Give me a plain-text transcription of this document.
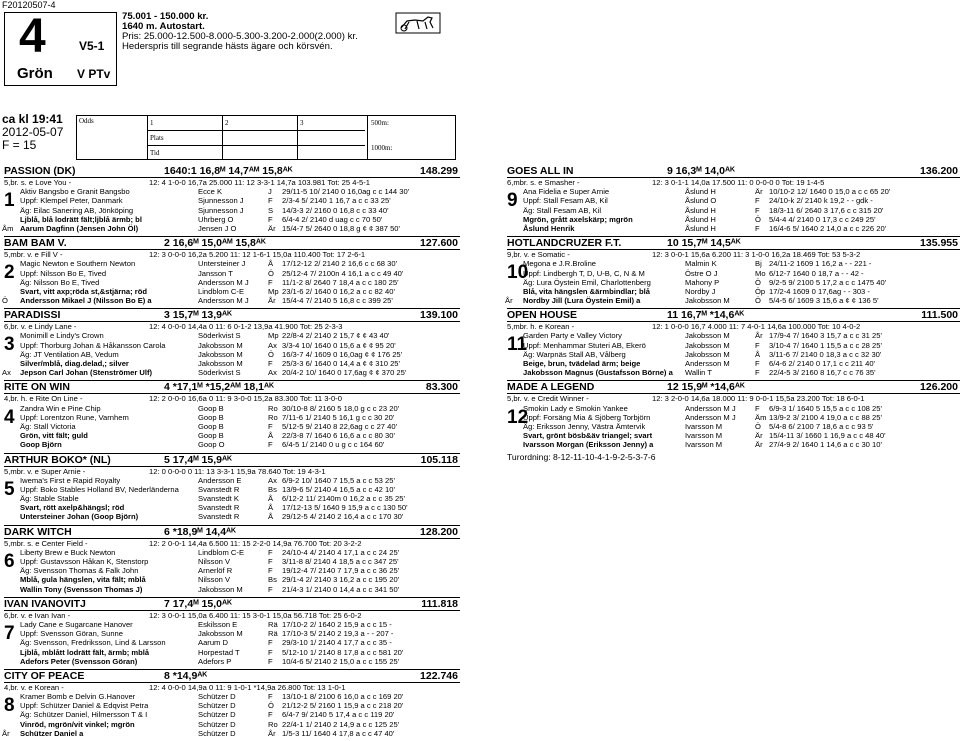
F20120507-4
4
Grön
V5-1
V PTv
75.001 - 150.000 kr.
1640 m. Autostart.
Pris: 25.000-12.500-8.000-5.300-3.200-2.000(2.000) kr.
Hederspris till segrande hästs ägare och körsvén.
ca kl 19:41
2012-05-07
F = 15
Odds
Plats
Tid
1	2	3	500m:
1000m:
PASSION (DK)	1640:1 16,8ᴹ 14,7ᴬᴹ 15,8ᴬᴷ	148.299
5,br. s. e Love You -	12: 4 1-0-0 16,7a 25.000 11: 12 3-3-1 14,7a 103.981 Tot: 25 4-5-1
1
Åm
Aktiv Bangsbo e Granit Bangsbo	Ecce K	J	29/11-5 10/ 2140 0 16,0ag c c 144 30'
Uppf: Klempel Peter, Danmark	Sjunnesson J	F	2/3-4 5/ 2140 1 16,7 a c c 33 25'
Äg: Eilac Sanering AB, Jönköping	Sjunnesson J	S	14/3-3 2/ 2160 0 16,8 c c 33 40'
Ljblå, blå lodrätt fält;ljblå ärmb; bl	Uhrberg O	F	6/4-4 2/ 2140 d uag c c 70 50'
Aarum Dagfinn (Jensen John Öl)	Jensen J O	Är 15/4-7 5/ 2640 0 18,8 g ¢ ¢ 387 50'
BAM BAM V.	2 16,6ᴹ 15,0ᴬᴹ 15,8ᴬᴷ	127.600
5,mbr. v. e Fill V -	12: 3 0-0-0 16,2a 5.200 11: 12 1-6-1 15,0a 110.400 Tot: 17 2-6-1
2
Ö
Magic Newton e Southern Newton	Untersteiner J	Å	17/12-12 2/ 2140 2 16,6 c c 68 30'
Uppf: Nilsson Bo E, Tived	Jansson T	Ö	25/12-4 7/ 2100n 4 16,1 a c c 49 40'
Äg: Nilsson Bo E, Tived	Andersson M J	F	11/1-2 8/ 2640 7 18,4 a c c 180 25'
Svart, vitt axp;röda st,&stjärna; röd	Lindblom C-E	Mp 23/1-6 2/ 1640 0 16,2 a c c 82 40'
Andersson Mikael J (Nilsson Bo E) a	Andersson M J	År 15/4-4 7/ 2140 5 16,8 c c 399 25'
PARADISSI	3 15,7ᴹ 13,9ᴬᴷ	139.100
6,br. v. e Lindy Lane -	12: 4 0-0-0 14,4a 0 11: 6 0-1-2 13,9a 41.900 Tot: 25 2-3-3
3
Ax
Monimill e Lindy's Crown	Söderkvist S	Mp 22/8-4 2/ 2140 2 15,7 ¢ ¢ 43 40'
Uppf: Thorburg Johan & Håkansson Carola	Jakobsson M	Ax 3/3-4 10/ 1640 0 15,6 a ¢ ¢ 95 20'
Äg: JT Ventilation AB, Vedum	Jakobsson M	Ö	16/3-7 4/ 1609 0 16,0ag ¢ ¢ 176 25'
Silver/mblå, diag.delad,; silver	Jakobsson M	F	25/3-3 6/ 1640 0 14,4 a ¢ ¢ 310 25'
Jepson Carl Johan (Stenströmer Ulf)	Söderkvist S	Ax 20/4-2 10/ 1640 0 17,6ag ¢ ¢ 370 25'
RITE ON WIN	4 *17,1ᴹ *15,2ᴬᴹ 18,1ᴬᴷ	83.300
4,br. h. e Rite On Line -	12: 2 0-0-0 16,6a 0 11: 9 3-0-0 15,2a 83.300 Tot: 11 3-0-0
4 Zandra Win e Pine Chip	Goop B	Ro 30/10-8 8/ 2160 5 18,0 g c c 23 20'
Uppf: Lorentzon Rune, Varnhem	Goop B	Ro 7/11-6 1/ 2140 5 16,1 g c c 30 20'
Äg: Stall Victoria	Goop B	F	5/12-5 9/ 2140 8 22,6ag c c 27 40'
Grön, vitt fält; guld	Goop B	Å	22/3-8 7/ 1640 6 16,6 a c c 80 30'
Goop Björn	Goop O	F	6/4-5 1/ 2140 0 u g c c 164 60'
ARTHUR BOKO* (NL)	5 17,4ᴹ 15,9ᴬᴷ	105.118
5,mbr. v. e Super Arnie -	12: 0 0-0-0 0 11: 13 3-3-1 15,9a 78.640 Tot: 19 4-3-1
5 Iwema's First e Rapid Royalty	Andersson E	Ax 6/9-2 10/ 1640 7 15,5 a c c 53 25'
Uppf: Boko Stables Holland BV, Nederländerna	Svanstedt R	Bs 13/9-6 5/ 2140 4 16,5 a c c 42 10'
Äg: Stable Stable	Svanstedt K	Å	6/12-2 11/ 2140m 0 16,2 a c c 35 25'
Svart, rött axelp&hängsl; röd	Svanstedt R	Å	17/12-13 5/ 1640 9 15,9 a c c 130 50'
Untersteiner Johan (Goop Björn)	Svanstedt R	Å	29/12-5 4/ 2140 2 16,4 a c c 170 30'
DARK WITCH	6 *18,9ᴹ 14,4ᴬᴷ	128.200
5,mbr. s. e Center Field -	12: 2 0-0-1 14,4a 6.500 11: 15 2-2-0 14,9a 76.700 Tot: 20 3-2-2
6 Liberty Brew e Buck Newton	Lindblom C-E	F	24/10-4 4/ 2140 4 17,1 a c c 24 25'
Uppf: Gustavsson Håkan K, Stenstorp	Nilsson V	F	3/11-8 8/ 2140 4 18,5 a c c 347 25'
Äg: Svensson Thomas & Falk John	Arnerlöf R	F	19/12-4 7/ 2140 7 17,9 a c c 36 25'
Mblå, gula hängslen, vita fält; mblå	Nilsson V	Bs 29/1-4 2/ 2140 3 16,2 a c c 195 20'
Wallin Tony (Svensson Thomas J)	Jakobsson M	F	21/4-3 1/ 2140 0 14,4 a c c 341 50'
IVAN IVANOVITJ	7 17,4ᴹ 15,0ᴬᴷ	111.818
6,br. v. e Ivan Ivan -	12: 3 0-0-1 15,0a 6.400 11: 15 3-0-1 15,0a 56.718 Tot: 25 6-0-2
7 Lady Cane e Sugarcane Hanover	Eskilsson E	Rä 17/10-2 2/ 1640 2 15,9 a c c 15 -
Uppf: Svensson Göran, Sunne	Jakobsson M	Rä 17/10-3 5/ 2140 2 19,3 a - - 207 -
Äg: Svensson, Fredriksson, Lind & Larsson	Aarum D	F	29/3-10 1/ 2140 4 17,7 a c c 35 -
Ljblå, mblått lodrätt fält, ärmb; mblå	Horpestad T	F	5/12-10 1/ 2140 8 17,8 a c c 581 20'
Adefors Peter (Svensson Göran)	Adefors P	F	10/4-6 5/ 2140 2 15,0 a c c 155 25'
CITY OF PEACE	8 *14,9ᴬᴷ	122.746
4,br. v. e Korean -	12: 4 0-0-0 14,9a 0 11: 9 1-0-1 *14,9a 26.800 Tot: 13 1-0-1
8
År
Kramer Bomb e Delvin G.Hanover	Schützer D	F	13/10-1 8/ 2100 6 16,0 a c c 169 20'
Uppf: Schützer Daniel & Edqvist Petra	Schützer D	Ö	21/12-2 5/ 2160 1 15,9 a c c 218 20'
Äg: Schützer Daniel, Hilmersson T & I	Schützer D	F	6/4-7 9/ 2140 5 17,4 a c c 119 20'
Vinröd, mgrön/vit vinkel; mgrön	Schützer D	Ro 22/4-1 1/ 2140 2 14,9 a c c 125 25'
Schützer Daniel a	Schützer D	År 1/5-3 11/ 1640 4 17,8 a c c 47 40'
GOES ALL IN	9 16,3ᴹ 14,0ᴬᴷ	136.200
6,mbr. s. e Smasher -	12: 3 0-1-1 14,0a 17.500 11: 0 0-0-0 0 Tot: 19 1-4-5
9 Ana Fidelia e Super Arnie	Åslund H	Är 10/10-2 12/ 1640 0 15,0 a c c 65 20'
Uppf: Stall Fesam AB, Kil	Åslund O	F	24/10-k 2/ 2140 k 19,2 - - gdk -
Äg: Stall Fesam AB, Kil	Åslund H	F	18/3-11 6/ 2640 3 17,6 c c 315 20'
Mgrön, grått axelskärp; mgrön	Åslund H	Ö	5/4-4 4/ 2140 0 17,3 c c 249 25'
Åslund Henrik	Åslund H	F	16/4-6 5/ 1640 2 14,0 a c c 226 20'
HOTLANDCRUZER F.T.	10 15,7ᴹ 14,5ᴬᴷ	135.955
9,br. v. e Somatic -	12: 3 0-0-1 15,6a 6.200 11: 3 1-0-0 16,2a 18.469 Tot: 53 5-3-2
10
År
Megona e J.R.Broline	Malmin K	Bj 24/11-2 1609 1 16,2 a - - 221 -
Uppf: Lindbergh T, D, U-B, C, N & M	Östre O J	Mo 6/12-7 1640 0 18,7 a - - 42 -
Äg: Lura Öystein Emil, Charlottenberg	Mahony P	Ö	9/2-5 9/ 2100 5 17,2 a c c 1475 40'
Blå, vita hängslen &ärmbindlar; blå	Nordby J	Öp 17/2-4 1609 0 17,6ag - - 303 -
Nordby Jill (Lura Öystein Emil) a	Jakobsson M	Ö	5/4-5 6/ 1609 3 15,6 a ¢ ¢ 136 5'
OPEN HOUSE	11 16,7ᴹ *14,6ᴬᴷ	111.500
5,mbr. h. e Korean -	12: 1 0-0-0 16,7 4.000 11: 7 4-0-1 14,6a 100.000 Tot: 10 4-0-2
11
Garden Party e Valley Victory	Jakobsson M	År 17/9-4 7/ 1640 3 15,7 a c c 31 25'
Uppf: Menhammar Stuteri AB, Ekerö	Jakobsson M	F	3/10-4 7/ 1640 1 15,5 a c c 28 25'
Äg: Warpnäs Stall AB, Vålberg	Jakobsson M	Å	3/11-6 7/ 2140 0 18,3 a c c 32 30'
Beige, brun, tvädelad ärm; beige	Andersson M	F	6/4-6 2/ 2140 0 17,1 c c 211 40'
Jakobsson Magnus (Gustafsson Börne) a	Wallin T	F	22/4-5 3/ 2160 8 16,7 c c 76 35'
MADE A LEGEND	12 15,9ᴹ *14,6ᴬᴷ	126.200
5,br. v. e Credit Winner -	12: 3 2-0-0 14,6a 18.000 11: 9 0-0-1 15,5a 23.200 Tot: 18 6-0-1
12
Smokin Lady e Smokin Yankee	Andersson M J	F	6/9-3 1/ 1640 5 15,5 a c c 108 25'
Uppf: Forsäng Mia & Sjöberg Torbjörn	Andersson M J	Äm 13/9-2 3/ 2100 4 19,0 a c c 88 25'
Äg: Eriksson Jenny, Västra Ämtervik	Ivarsson M	Ö	5/4-8 6/ 2100 7 18,6 a c c 93 5'
Svart, grönt bösb&äv triangel; svart	Ivarsson M	Är 15/4-11 3/ 1660 1 16,9 a c c 48 40'
Ivarsson Morgan (Eriksson Jenny) a	Ivarsson M	Är 27/4-9 2/ 1640 1 14,6 a c c 30 10'
Turordning: 8-12-11-10-4-1-9-2-5-3-7-6
